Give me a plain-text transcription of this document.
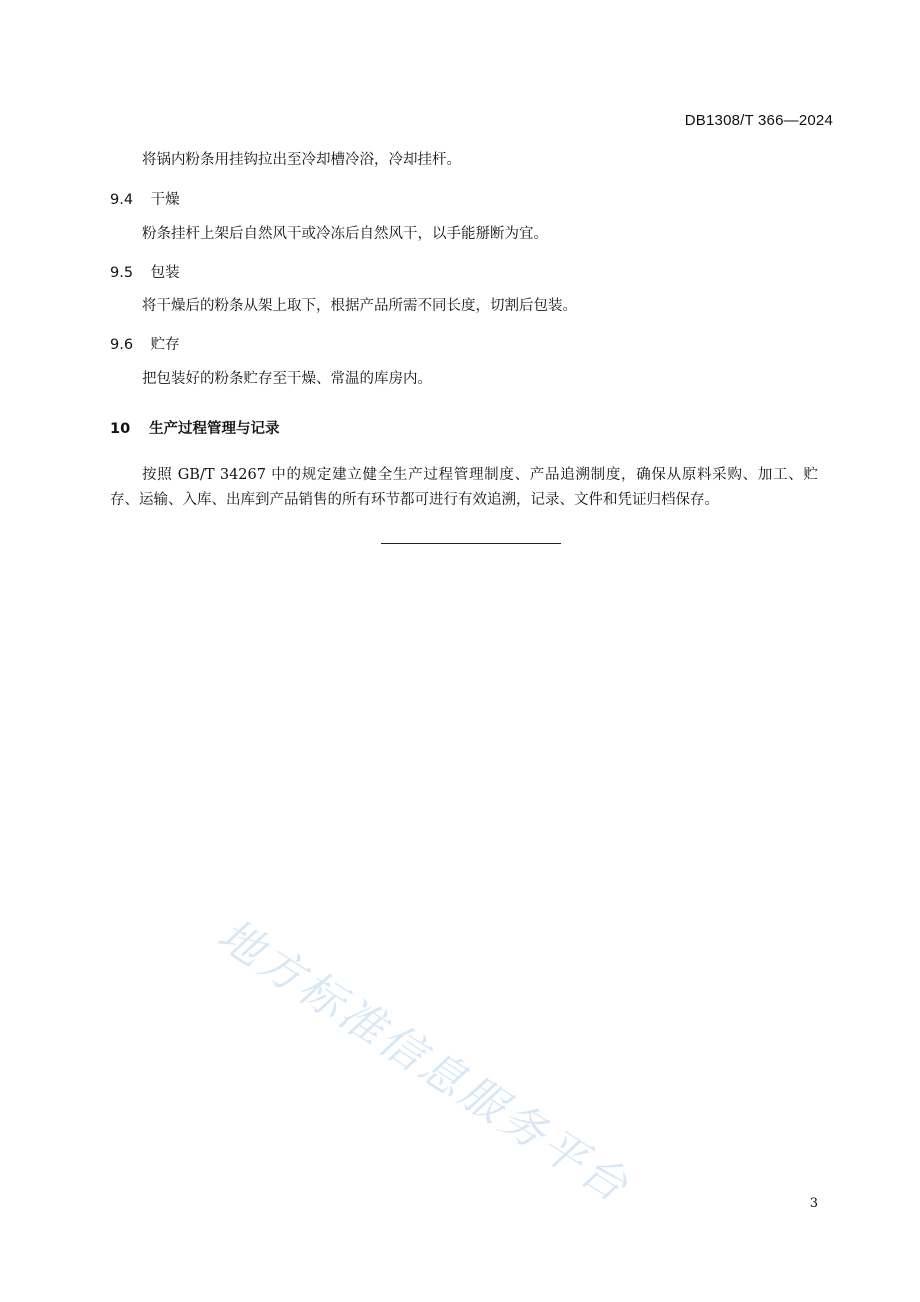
DB1308/T 366—2024
将锅内粉条用挂钩拉出至冷却槽冷浴，冷却挂杆。
9.4 干燥
粉条挂杆上架后自然风干或冷冻后自然风干，以手能掰断为宜。
9.5 包装
将干燥后的粉条从架上取下，根据产品所需不同长度，切割后包装。
9.6 贮存
把包装好的粉条贮存至干燥、常温的库房内。
10 生产过程管理与记录
按照 GB/T 34267 中的规定建立健全生产过程管理制度、产品追溯制度，确保从原料采购、加工、贮存、运输、入库、出库到产品销售的所有环节都可进行有效追溯，记录、文件和凭证归档保存。
地方标准信息服务平台	3
